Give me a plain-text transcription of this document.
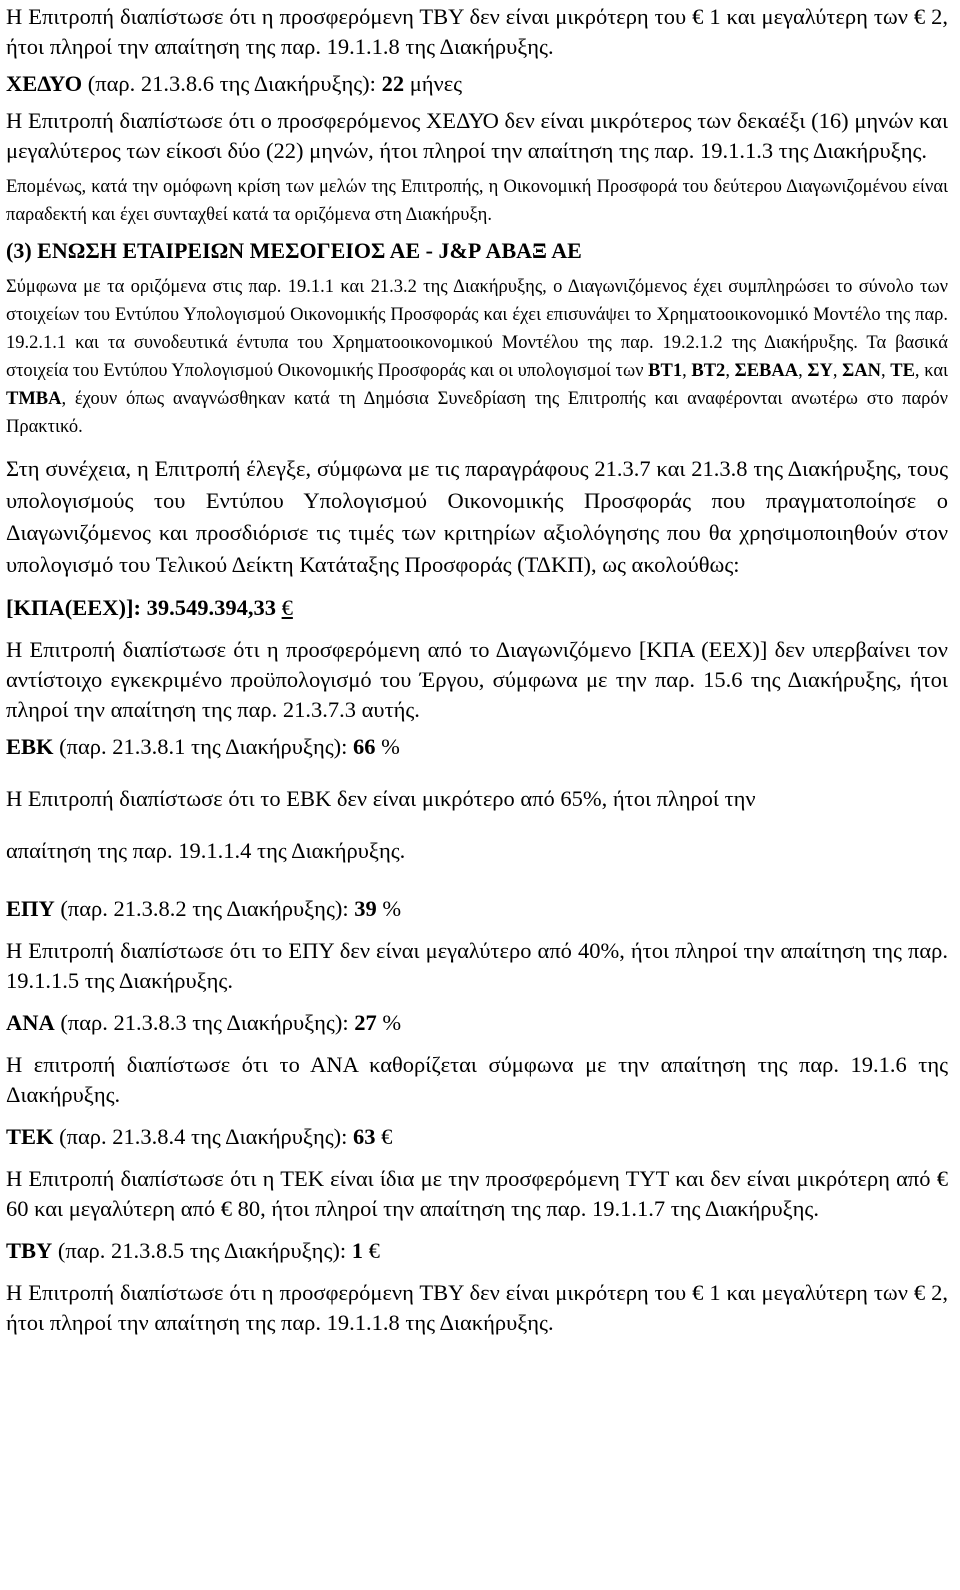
Η Επιτροπή διαπίστωσε ότι η προσφερόμενη ΤΒΥ δεν είναι μικρότερη του € 1 και μεγαλύτερη των € 2, ήτοι πληροί την απαίτηση της παρ. 19.1.1.8 της Διακήρυξης.

ΧΕΔΥΟ (παρ. 21.3.8.6 της Διακήρυξης): 22 μήνες

Η Επιτροπή διαπίστωσε ότι ο προσφερόμενος ΧΕΔΥΟ δεν είναι μικρότερος των δεκαέξι (16) μηνών και μεγαλύτερος των είκοσι δύο (22) μηνών, ήτοι πληροί την απαίτηση της παρ. 19.1.1.3 της Διακήρυξης.

Επομένως, κατά την ομόφωνη κρίση των μελών της Επιτροπής, η Οικονομική Προσφορά του δεύτερου Διαγωνιζομένου είναι παραδεκτή και έχει συνταχθεί κατά τα οριζόμενα στη Διακήρυξη.

(3) ΕΝΩΣΗ ΕΤΑΙΡΕΙΩΝ ΜΕΣΟΓΕΙΟΣ ΑΕ - J&P ΑΒΑΞ ΑΕ

Σύμφωνα με τα οριζόμενα στις παρ. 19.1.1 και 21.3.2 της Διακήρυξης, ο Διαγωνιζόμενος έχει συμπληρώσει το σύνολο των στοιχείων του Εντύπου Υπολογισμού Οικονομικής Προσφοράς και έχει επισυνάψει το Χρηματοοικονομικό Μοντέλο της παρ. 19.2.1.1 και τα συνοδευτικά έντυπα του Χρηματοοικονομικού Μοντέλου της παρ. 19.2.1.2 της Διακήρυξης. Τα βασικά στοιχεία του Εντύπου Υπολογισμού Οικονομικής Προσφοράς και οι υπολογισμοί των ΒΤ1, ΒΤ2, ΣΕΒΑΑ, ΣΥ, ΣΑΝ, ΤΕ, και ΤΜΒΑ, έχουν όπως αναγνώσθηκαν κατά τη Δημόσια Συνεδρίαση της Επιτροπής και αναφέρονται ανωτέρω στο παρόν Πρακτικό.

Στη συνέχεια, η Επιτροπή έλεγξε, σύμφωνα με τις παραγράφους 21.3.7 και 21.3.8 της Διακήρυξης, τους υπολογισμούς του Εντύπου Υπολογισμού Οικονομικής Προσφοράς που πραγματοποίησε ο Διαγωνιζόμενος και προσδιόρισε τις τιμές των κριτηρίων αξιολόγησης που θα χρησιμοποιηθούν στον υπολογισμό του Τελικού Δείκτη Κατάταξης Προσφοράς (ΤΔΚΠ), ως ακολούθως:

[ΚΠΑ(ΕΕΧ)]: 39.549.394,33 €

Η Επιτροπή διαπίστωσε ότι η προσφερόμενη από το Διαγωνιζόμενο [ΚΠΑ (ΕΕΧ)] δεν υπερβαίνει τον αντίστοιχο εγκεκριμένο προϋπολογισμό του Έργου, σύμφωνα με την παρ. 15.6 της Διακήρυξης, ήτοι πληροί την απαίτηση της παρ. 21.3.7.3 αυτής.

ΕΒΚ (παρ. 21.3.8.1 της Διακήρυξης): 66 %

Η Επιτροπή διαπίστωσε ότι το ΕΒΚ δεν είναι μικρότερο από 65%, ήτοι πληροί την

απαίτηση της παρ. 19.1.1.4 της Διακήρυξης.

ΕΠΥ (παρ. 21.3.8.2 της Διακήρυξης): 39 %

Η Επιτροπή διαπίστωσε ότι το ΕΠΥ δεν είναι μεγαλύτερο από 40%, ήτοι πληροί την απαίτηση της παρ. 19.1.1.5 της Διακήρυξης.

ΑΝΑ (παρ. 21.3.8.3 της Διακήρυξης): 27 %

Η επιτροπή διαπίστωσε ότι το ΑΝΑ καθορίζεται σύμφωνα με την απαίτηση της παρ. 19.1.6 της Διακήρυξης.

ΤΕΚ (παρ. 21.3.8.4 της Διακήρυξης): 63 €

Η Επιτροπή διαπίστωσε ότι η ΤΕΚ είναι ίδια με την προσφερόμενη ΤΥΤ και δεν είναι μικρότερη από € 60 και μεγαλύτερη από € 80, ήτοι πληροί την απαίτηση της παρ. 19.1.1.7 της Διακήρυξης.

ΤΒΥ (παρ. 21.3.8.5 της Διακήρυξης): 1 €

Η Επιτροπή διαπίστωσε ότι η προσφερόμενη ΤΒΥ δεν είναι μικρότερη του € 1 και μεγαλύτερη των € 2, ήτοι πληροί την απαίτηση της παρ. 19.1.1.8 της Διακήρυξης.
